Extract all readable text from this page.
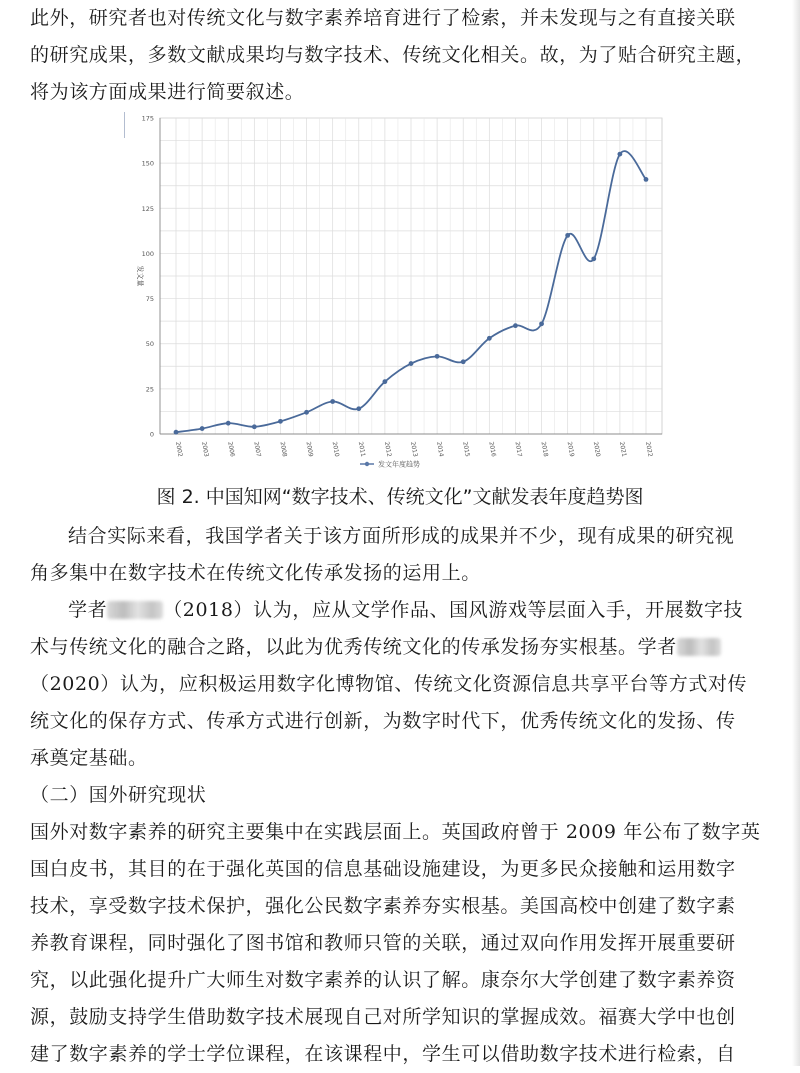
此外，研究者也对传统文化与数字素养培育进行了检索，并未发现与之有直接关联
的研究成果，多数文献成果均与数字技术、传统文化相关。故，为了贴合研究主题，
将为该方面成果进行简要叙述。
0
25
50
75
100
125
150
175
2002	2003	2006	2007	2008	2009	2010	2011	2012	2013	2014	2015	2016	2017	2018	2019	2020	2021	2022
发文量
发文年度趋势
图 2. 中国知网“数字技术、传统文化”文献发表年度趋势图
结合实际来看，我国学者关于该方面所形成的成果并不少，现有成果的研究视
角多集中在数字技术在传统文化传承发扬的运用上。
学者	（2018）认为，应从文学作品、国风游戏等层面入手，开展数字技
术与传统文化的融合之路，以此为优秀传统文化的传承发扬夯实根基。学者
（2020）认为，应积极运用数字化博物馆、传统文化资源信息共享平台等方式对传
统文化的保存方式、传承方式进行创新，为数字时代下，优秀传统文化的发扬、传
承奠定基础。
（二）国外研究现状
国外对数字素养的研究主要集中在实践层面上。英国政府曾于 2009 年公布了数字英
国白皮书，其目的在于强化英国的信息基础设施建设，为更多民众接触和运用数字
技术，享受数字技术保护，强化公民数字素养夯实根基。美国高校中创建了数字素
养教育课程，同时强化了图书馆和教师只管的关联，通过双向作用发挥开展重要研
究，以此强化提升广大师生对数字素养的认识了解。康奈尔大学创建了数字素养资
源，鼓励支持学生借助数字技术展现自己对所学知识的掌握成效。福赛大学中也创
建了数字素养的学士学位课程，在该课程中，学生可以借助数字技术进行检索，自
